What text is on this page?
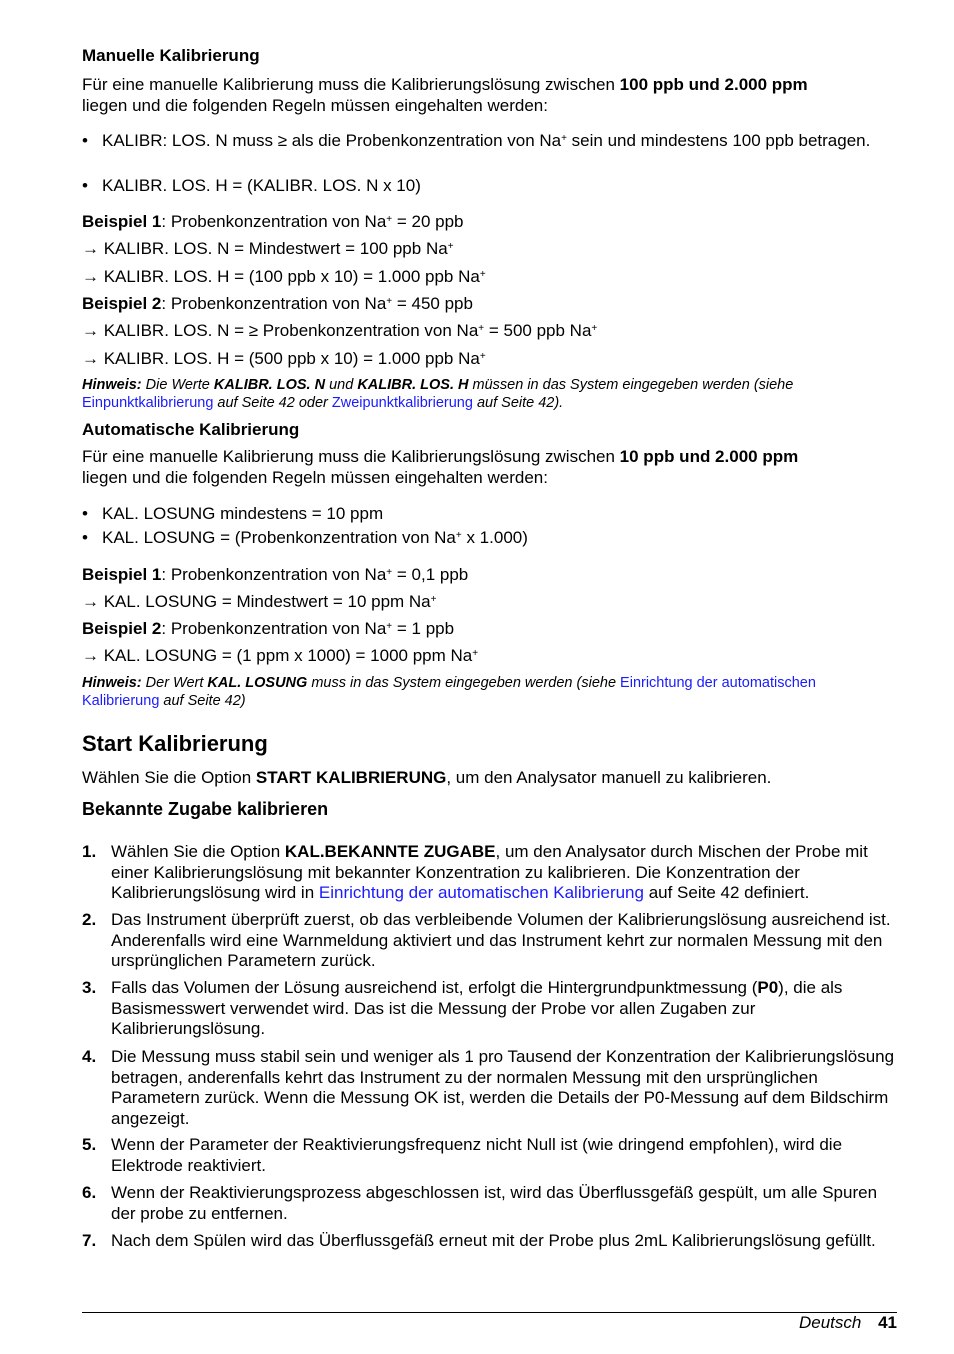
Manuelle Kalibrierung
Für eine manuelle Kalibrierung muss die Kalibrierungslösung zwischen 100 ppb und 2.000 ppm
liegen und die folgenden Regeln müssen eingehalten werden:
• KALIBR: LOS. N muss ≥ als die Probenkonzentration von Na+ sein und mindestens 100 ppb betragen.
• KALIBR. LOS. H = (KALIBR. LOS. N x 10)
Beispiel 1: Probenkonzentration von Na+ = 20 ppb
→ KALIBR. LOS. N = Mindestwert = 100 ppb Na+
→ KALIBR. LOS. H = (100 ppb x 10) = 1.000 ppb Na+
Beispiel 2: Probenkonzentration von Na+ = 450 ppb
→ KALIBR. LOS. N = ≥ Probenkonzentration von Na+ = 500 ppb Na+
→ KALIBR. LOS. H = (500 ppb x 10) = 1.000 ppb Na+
Hinweis: Die Werte KALIBR. LOS. N und KALIBR. LOS. H müssen in das System eingegeben werden (siehe
Einpunktkalibrierung auf Seite 42 oder Zweipunktkalibrierung auf Seite 42).
Automatische Kalibrierung
Für eine manuelle Kalibrierung muss die Kalibrierungslösung zwischen 10 ppb und 2.000 ppm
liegen und die folgenden Regeln müssen eingehalten werden:
• KAL. LOSUNG mindestens = 10 ppm
• KAL. LOSUNG = (Probenkonzentration von Na+ x 1.000)
Beispiel 1: Probenkonzentration von Na+ = 0,1 ppb
→ KAL. LOSUNG = Mindestwert = 10 ppm Na+
Beispiel 2: Probenkonzentration von Na+ = 1 ppb
→ KAL. LOSUNG = (1 ppm x 1000) = 1000 ppm Na+
Hinweis: Der Wert KAL. LOSUNG muss in das System eingegeben werden (siehe Einrichtung der automatischen Kalibrierung auf Seite 42)
Start Kalibrierung
Wählen Sie die Option START KALIBRIERUNG, um den Analysator manuell zu kalibrieren.
Bekannte Zugabe kalibrieren
1. Wählen Sie die Option KAL.BEKANNTE ZUGABE, um den Analysator durch Mischen der Probe mit einer Kalibrierungslösung mit bekannter Konzentration zu kalibrieren. Die Konzentration der Kalibrierungslösung wird in Einrichtung der automatischen Kalibrierung auf Seite 42 definiert.
2. Das Instrument überprüft zuerst, ob das verbleibende Volumen der Kalibrierungslösung ausreichend ist. Anderenfalls wird eine Warnmeldung aktiviert und das Instrument kehrt zur normalen Messung mit den ursprünglichen Parametern zurück.
3. Falls das Volumen der Lösung ausreichend ist, erfolgt die Hintergrundpunktmessung (P0), die als Basismesswert verwendet wird. Das ist die Messung der Probe vor allen Zugaben zur Kalibrierungslösung.
4. Die Messung muss stabil sein und weniger als 1 pro Tausend der Konzentration der Kalibrierungslösung betragen, anderenfalls kehrt das Instrument zu der normalen Messung mit den ursprünglichen Parametern zurück. Wenn die Messung OK ist, werden die Details der P0-Messung auf dem Bildschirm angezeigt.
5. Wenn der Parameter der Reaktivierungsfrequenz nicht Null ist (wie dringend empfohlen), wird die Elektrode reaktiviert.
6. Wenn der Reaktivierungsprozess abgeschlossen ist, wird das Überflussgefäß gespült, um alle Spuren der probe zu entfernen.
7. Nach dem Spülen wird das Überflussgefäß erneut mit der Probe plus 2mL Kalibrierungslösung gefüllt.
Deutsch 41
